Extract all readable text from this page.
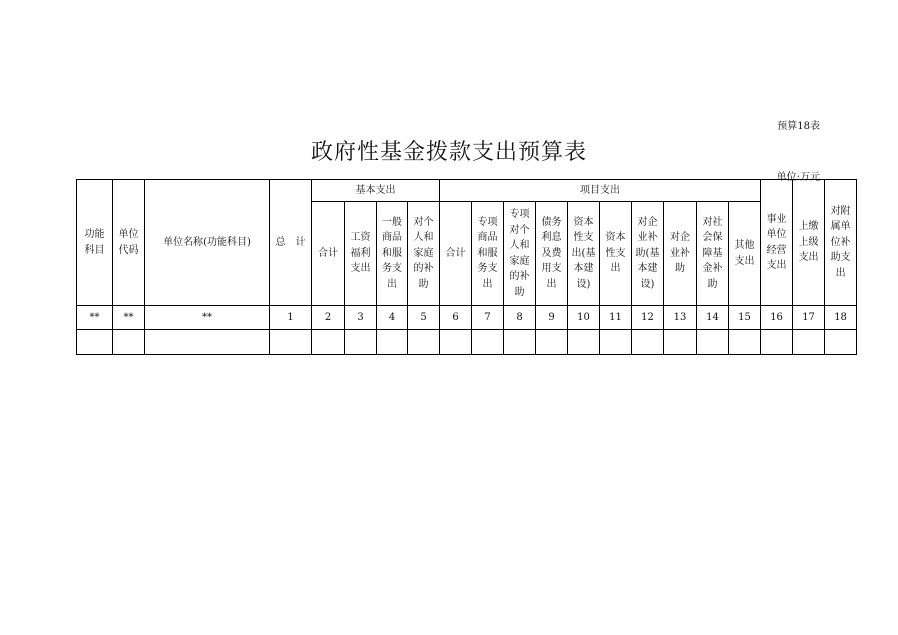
预算18表
政府性基金拨款支出预算表
单位:万元
功能科目	单位代码	单位名称(功能科目)	总　计	基本支出				项目支出										事业单位经营支出	上缴上级支出	对附属单位补助支出
				合计	工资福利支出	一般商品和服务支出	对个人和家庭的补助	合计	专项商品和服务支出	专项对个人和家庭的补助	债务利息及费用支出	资本性支出(基本建设)	资本性支出	对企业补助(基本建设)	对企业补助	对社会保障基金补助	其他支出			
**	**	**	1	2	3	4	5	6	7	8	9	10	11	12	13	14	15	16	17	18
